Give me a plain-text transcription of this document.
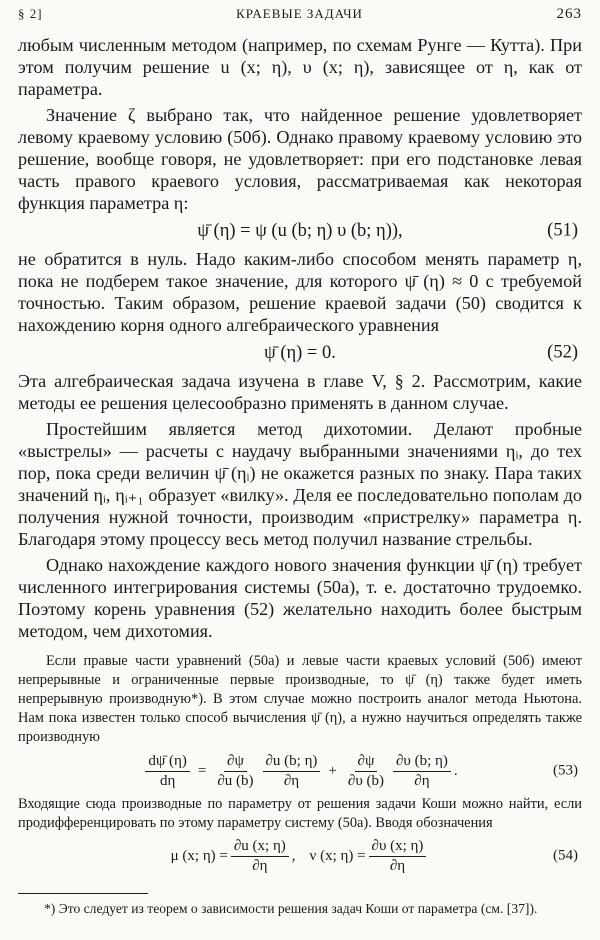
§ 2]	КРАЕВЫЕ ЗАДАЧИ	263

любым численным методом (например, по схемам Рунге — Кутта). При этом получим решение u (x; η), υ (x; η), зависящее от η, как от параметра.

Значение ζ выбрано так, что найденное решение удовлетворяет левому краевому условию (50б). Однако правому краевому условию это решение, вообще говоря, не удовлетворяет: при его подстановке левая часть правого краевого условия, рассматриваемая как некоторая функция параметра η:

ψ̄ (η) = ψ (u (b; η) υ (b; η)),	(51)

не обратится в нуль. Надо каким-либо способом менять параметр η, пока не подберем такое значение, для которого ψ̄ (η) ≈ 0 с требуемой точностью. Таким образом, решение краевой задачи (50) сводится к нахождению корня одного алгебраического уравнения

ψ̄ (η) = 0.	(52)

Эта алгебраическая задача изучена в главе V, § 2. Рассмотрим, какие методы ее решения целесообразно применять в данном случае.

Простейшим является метод дихотомии. Делают пробные «выстрелы» — расчеты с наудачу выбранными значениями ηᵢ, до тех пор, пока среди величин ψ̄ (ηᵢ) не окажется разных по знаку. Пара таких значений ηᵢ, ηᵢ₊₁ образует «вилку». Деля ее последовательно пополам до получения нужной точности, производим «пристрелку» параметра η. Благодаря этому процессу весь метод получил название стрельбы.

Однако нахождение каждого нового значения функции ψ̄ (η) требует численного интегрирования системы (50а), т. е. достаточно трудоемко. Поэтому корень уравнения (52) желательно находить более быстрым методом, чем дихотомия.

Если правые части уравнений (50а) и левые части краевых условий (50б) имеют непрерывные и ограниченные первые производные, то ψ̄ (η) также будет иметь непрерывную производную*). В этом случае можно построить аналог метода Ньютона. Нам пока известен только способ вычисления ψ̄ (η), а нужно научиться определять также производную

$\frac{d\psī (\eta)}{d\eta} = \frac{\partial\psi}{\partial u (b)} \frac{\partial u (b; \eta)}{\partial\eta} + \frac{\partial\psi}{\partial\upsilon (b)} \frac{\partial\upsilon (b; \eta)}{\partial\eta}$ .	(53)

Входящие сюда производные по параметру от решения задачи Коши можно найти, если продифференцировать по этому параметру систему (50а). Вводя обозначения

μ (x; $\eta) = \frac{\partial u (x; \eta)}{\partial\eta}$ , ν (x; $\eta) = \frac{\partial\upsilon (x; \eta)}{\partial\eta}$	(54)

*) Это следует из теорем о зависимости решения задач Коши от параметра (см. [37]).
